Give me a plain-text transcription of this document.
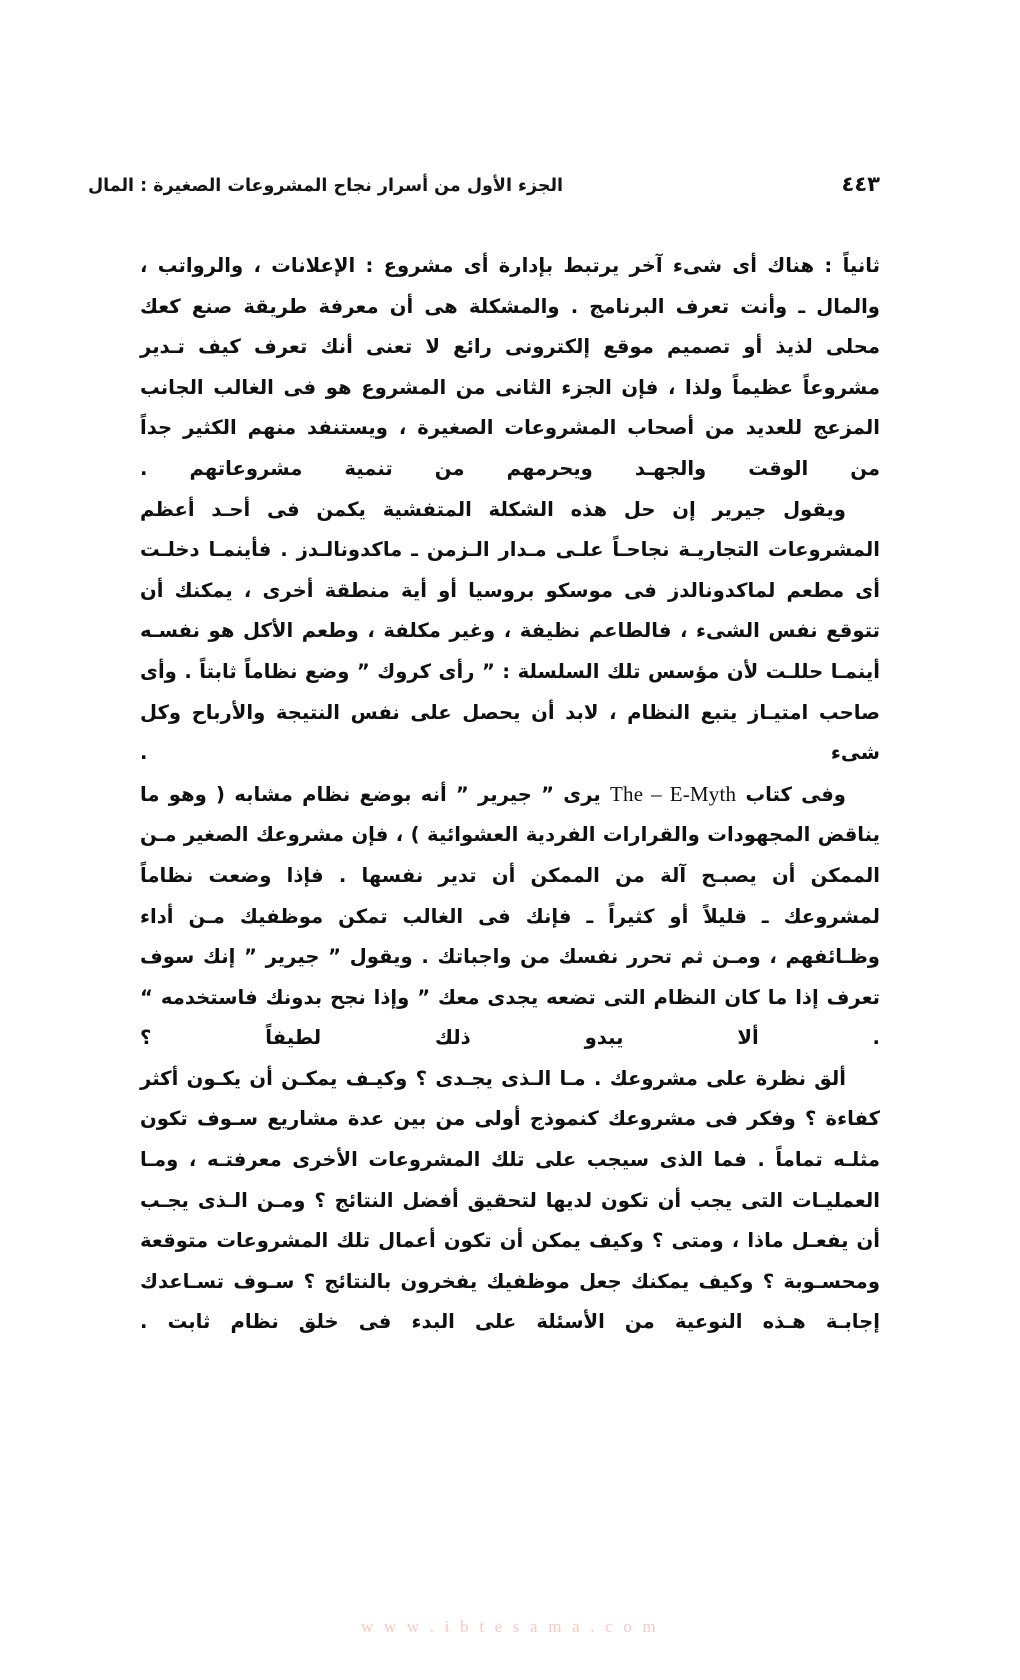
الجزء الأول من أسرار نجاح المشروعات الصغيرة : المال	٤٤٣

ثانياً : هناك أى شىء آخر يرتبط بإدارة أى مشروع : الإعلانات ، والرواتب ، والمال ـ وأنت تعرف البرنامج . والمشكلة هى أن معرفة طريقة صنع كعك محلى لذيذ أو تصميم موقع إلكترونى رائع لا تعنى أنك تعرف كيف تـدير مشروعاً عظيماً ولذا ، فإن الجزء الثانى من المشروع هو فى الغالب الجانب المزعج للعديد من أصحاب المشروعات الصغيرة ، ويستنفد منهم الكثير جداً من الوقت والجهـد ويحرمهم من تنمية مشروعاتهم .

ويقول جيرير إن حل هذه الشكلة المتفشية يكمن فى أحـد أعظم المشروعات التجاريـة نجاحـاً علـى مـدار الـزمن ـ ماكدونالـدز . فأينمـا دخلـت أى مطعم لماكدونالدز فى موسكو بروسيا أو أية منطقة أخرى ، يمكنك أن تتوقع نفس الشىء ، فالطاعم نظيفة ، وغير مكلفة ، وطعم الأكل هو نفسـه أينمـا حللـت لأن مؤسس تلك السلسلة : ” رأى كروك ” وضع نظاماً ثابتاً . وأى صاحب امتيـاز يتبع النظام ، لابد أن يحصل على نفس النتيجة والأرباح وكل شىء .

وفى كتاب The – E-Myth يرى ” جيرير ” أنه بوضع نظام مشابه ( وهو ما يناقض المجهودات والقرارات الفردية العشوائية ) ، فإن مشروعك الصغير مـن الممكن أن يصبـح آلة من الممكن أن تدير نفسها . فإذا وضعت نظاماً لمشروعك ـ قليلاً أو كثيراً ـ فإنك فى الغالب تمكن موظفيك مـن أداء وظـائفهم ، ومـن ثم تحرر نفسك من واجباتك . ويقول ” جيرير ” إنك سوف تعرف إذا ما كان النظام التى تضعه يجدى معك ” وإذا نجح بدونك فاستخدمه “ . ألا يبدو ذلك لطيفاً ؟

ألق نظرة على مشروعك . مـا الـذى يجـدى ؟ وكيـف يمكـن أن يكـون أكثر كفاءة ؟ وفكر فى مشروعك كنموذج أولى من بين عدة مشاريع سـوف تكون مثلـه تماماً . فما الذى سيجب على تلك المشروعات الأخرى معرفتـه ، ومـا العمليـات التى يجب أن تكون لديها لتحقيق أفضل النتائج ؟ ومـن الـذى يجـب أن يفعـل ماذا ، ومتى ؟ وكيف يمكن أن تكون أعمال تلك المشروعات متوقعة ومحسـوبة ؟ وكيف يمكنك جعل موظفيك يفخرون بالنتائج ؟ سـوف تسـاعدك إجابـة هـذه النوعية من الأسئلة على البدء فى خلق نظام ثابت .

w w w . i b t e s a m a . c o m
